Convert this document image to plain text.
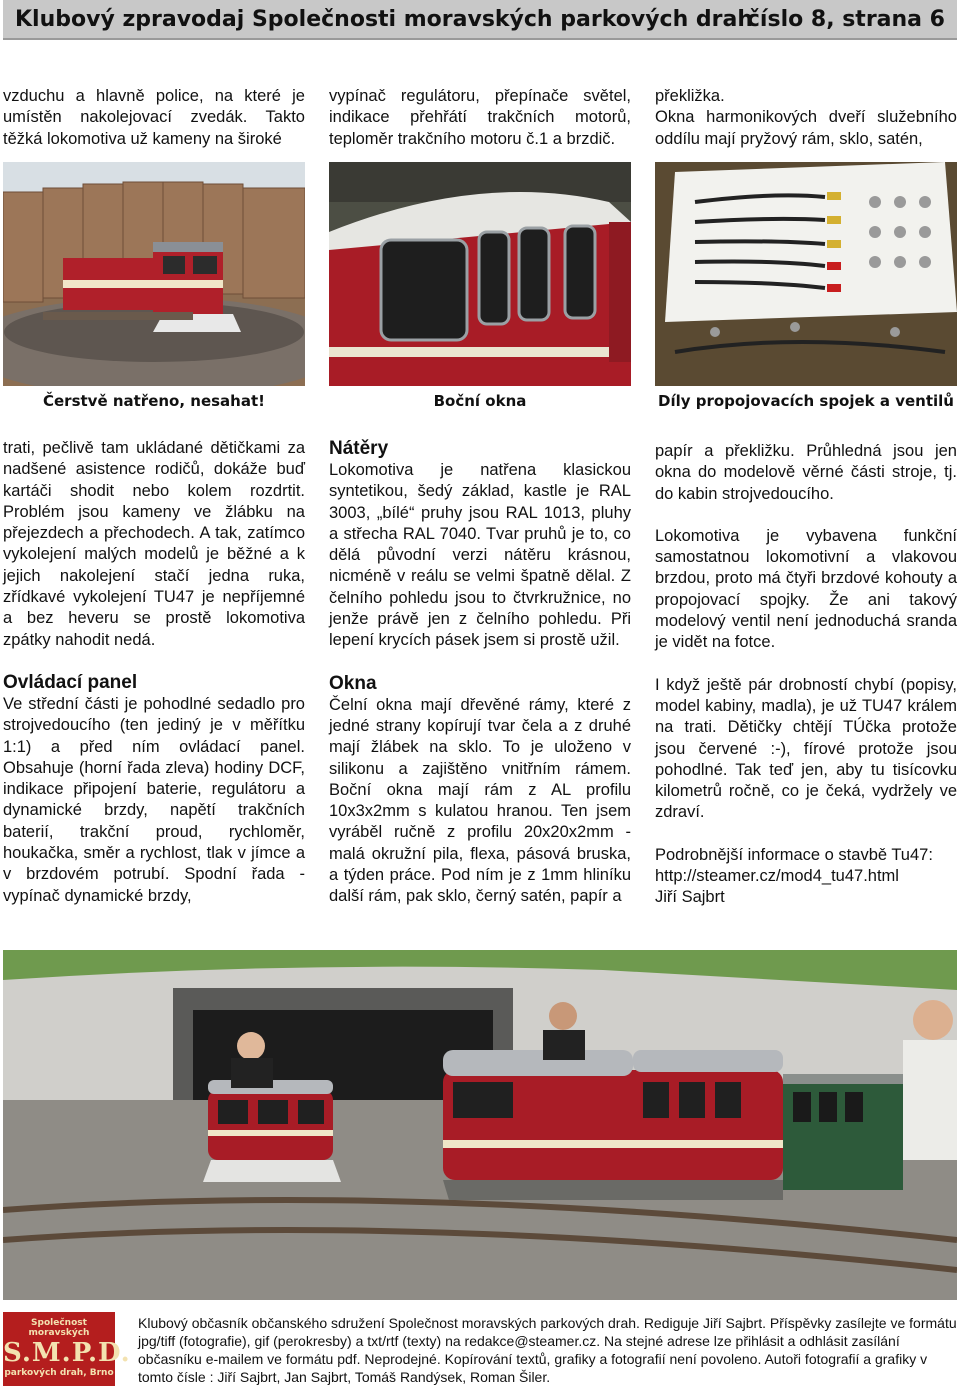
Klubový zpravodaj Společnosti moravských parkových drah
číslo 8, strana 6

vzduchu a hlavně police, na které je umístěn nakolejovací zvedák. Takto těžká lokomotiva už kameny na široké

vypínač regulátoru, přepínače světel, indikace přehřátí trakčních motorů, teploměr trakčního motoru č.1 a brzdič.

překližka.

Okna harmonikových dveří služebního oddílu mají pryžový rám, sklo, satén,

Čerstvě natřeno, nesahat!	Boční okna	Díly propojovacích spojek a ventilů

trati, pečlivě tam ukládané dětičkami za nadšené asistence rodičů, dokáže buď kartáči shodit nebo kolem rozdrtit. Problém jsou kameny ve žlábku na přejezdech a přechodech. A tak, zatímco vykolejení malých modelů je běžné a k jejich nakolejení stačí jedna ruka, zřídkavé vykolejení TU47 je nepříjemné a bez heveru se prostě lokomotiva zpátky nahodit nedá.

Ovládací panel

Ve střední části je pohodlné sedadlo pro strojvedoucího (ten jediný je v měřítku 1:1) a před ním ovládací panel. Obsahuje (horní řada zleva) hodiny DCF, indikace připojení baterie, regulátoru a dynamické brzdy, napětí trakčních baterií, trakční proud, rychloměr, houkačka, směr a rychlost, tlak v jímce a v brzdovém potrubí. Spodní řada - vypínač dynamické brzdy,

Nátěry

Lokomotiva je natřena klasickou syntetikou, šedý základ, kastle je RAL 3003, „bílé“ pruhy jsou RAL 1013, pluhy a střecha RAL 7040. Tvar pruhů je to, co dělá původní verzi nátěru krásnou, nicméně v reálu se velmi špatně dělal. Z čelního pohledu jsou to čtvrkružnice, no jenže právě jen z čelního pohledu. Při lepení krycích pásek jsem si prostě užil.

Okna

Čelní okna mají dřevěné rámy, které z jedné strany kopírují tvar čela a z druhé mají žlábek na sklo. To je uloženo v silikonu a zajištěno vnitřním rámem. Boční okna mají rám z AL profilu 10x3x2mm s kulatou hranou. Ten jsem vyráběl ručně z profilu 20x20x2mm - malá okružní pila, flexa, pásová bruska, a týden práce. Pod ním je z 1mm hliníku další rám, pak sklo, černý satén, papír a

papír a překližku. Průhledná jsou jen okna do modelově věrné části stroje, tj. do kabin strojvedoucího.

Lokomotiva je vybavena funkční samostatnou lokomotivní a vlakovou brzdou, proto má čtyři brzdové kohouty a propojovací spojky. Že ani takový modelový ventil není jednoduchá sranda je vidět na fotce.

I když ještě pár drobností chybí (popisy, model kabiny, madla), je už TU47 králem na trati. Dětičky chtějí TÚčka protože jsou červené :-), fírové protože jsou pohodlné. Tak teď jen, aby tu tisícovku kilometrů ročně, co je čeká, vydržely ve zdraví.

Podrobnější informace o stavbě Tu47:

http://steamer.cz/mod4_tu47.html

Jiří Sajbrt

Společnost moravských
S.M.P.D.
parkových drah, Brno
Klubový občasník občanského sdružení Společnost moravských parkových drah. Rediguje Jiří Sajbrt. Příspěvky zasílejte ve formátu jpg/tiff (fotografie), gif (perokresby) a txt/rtf (texty) na redakce@steamer.cz. Na stejné adrese lze přihlásit a odhlásit zasílání občasníku e-mailem ve formátu pdf. Neprodejné. Kopírování textů, grafiky a fotografií není povoleno. Autoři fotografií a grafiky v tomto čísle : Jiří Sajbrt, Jan Sajbrt, Tomáš Randýsek, Roman Šiler.
